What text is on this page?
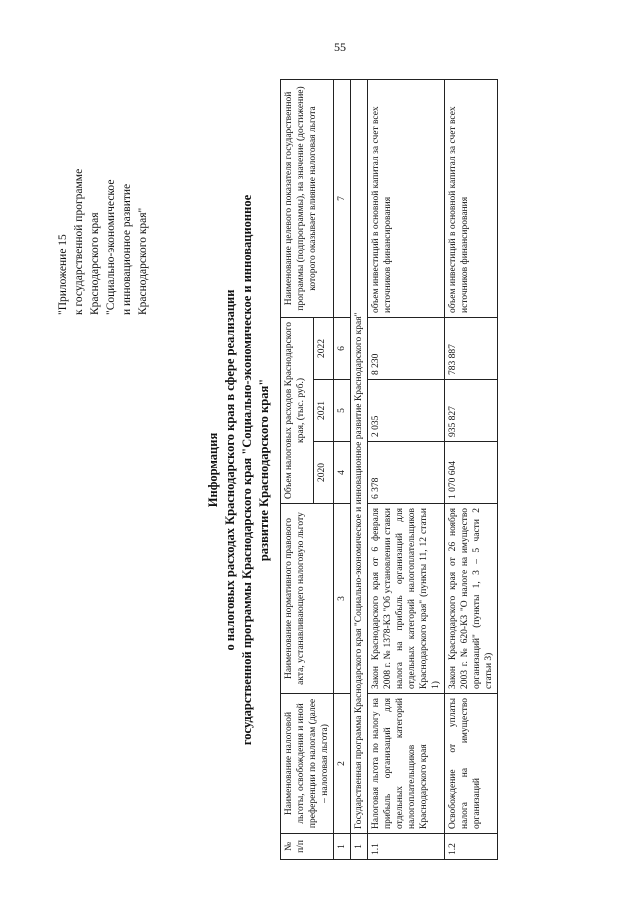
55
"Приложение 15 к государственной программе Краснодарского края "Социально-экономическое и инновационное развитие Краснодарского края"
Информация о налоговых расходах Краснодарского края в сфере реализации государственной программы Краснодарского края "Социально-экономическое и инновационное развитие Краснодарского края"
№ п/п	Наименование налоговой льготы, освобождения и иной преференции по налогам (далее – налоговая льгота)	Наименование нормативного правового акта, устанавливающего налоговую льготу	Объем налоговых расходов Краснодарского края, (тыс. руб.)			Наименование целевого показателя государственной программы (подпрограммы), на значение (достижение) которого оказывает влияние налоговая льгота
			2020	2021	2022	
1	2	3	4	5	6	7
1	Государственная программа Краснодарского края "Социально-экономическое и инновационное развитие Краснодарского края"					
1.1	Налоговая льгота по налогу на прибыль организаций для отдельных категорий налогоплательщиков Краснодарского края	Закон Краснодарского края от 6 февраля 2008 г. № 1378-КЗ "Об установлении ставки налога на прибыль организаций для отдельных категорий налогоплательщиков Краснодарского края" (пункты 11, 12 статьи 1)	6 378	2 035	8 230	объем инвестиций в основной капитал за счет всех источников финансирования
1.2	Освобождение от уплаты налога на имущество организаций	Закон Краснодарского края от 26 ноября 2003 г. № 620-КЗ "О налоге на имущество организаций" (пункты 1, 3 – 5 части 2 статьи 3)	1 070 604	935 827	783 887	объем инвестиций в основной капитал за счет всех источников финансирования
